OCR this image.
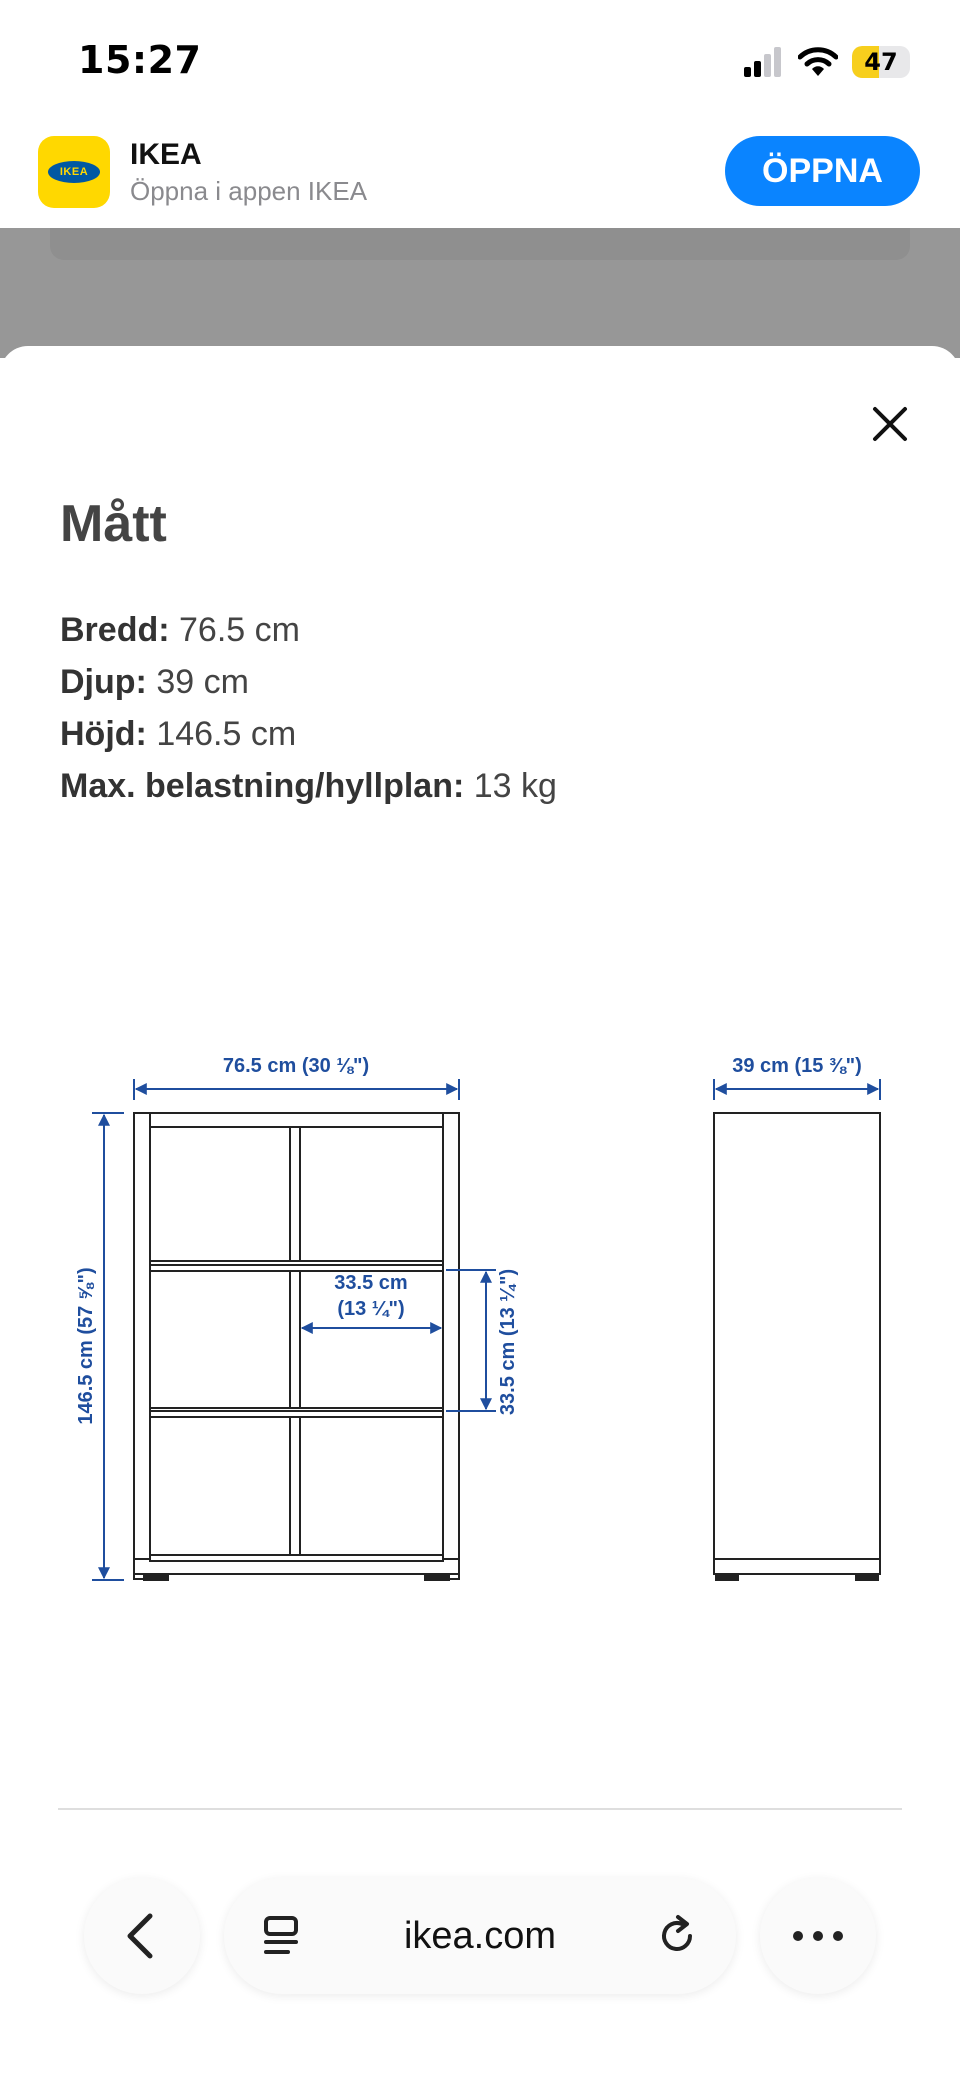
15:27	47
IKEA
IKEA
Öppna i appen IKEA
ÖPPNA
Mått
Bredd: 76.5 cm
Djup: 39 cm
Höjd: 146.5 cm
Max. belastning/hyllplan: 13 kg
76.5 cm (30 ⅛")	39 cm (15 ⅜")
146.5 cm (57 ⅝")	33.5 cm
(13 ¼")	33.5 cm (13 ¼")
ikea.com
